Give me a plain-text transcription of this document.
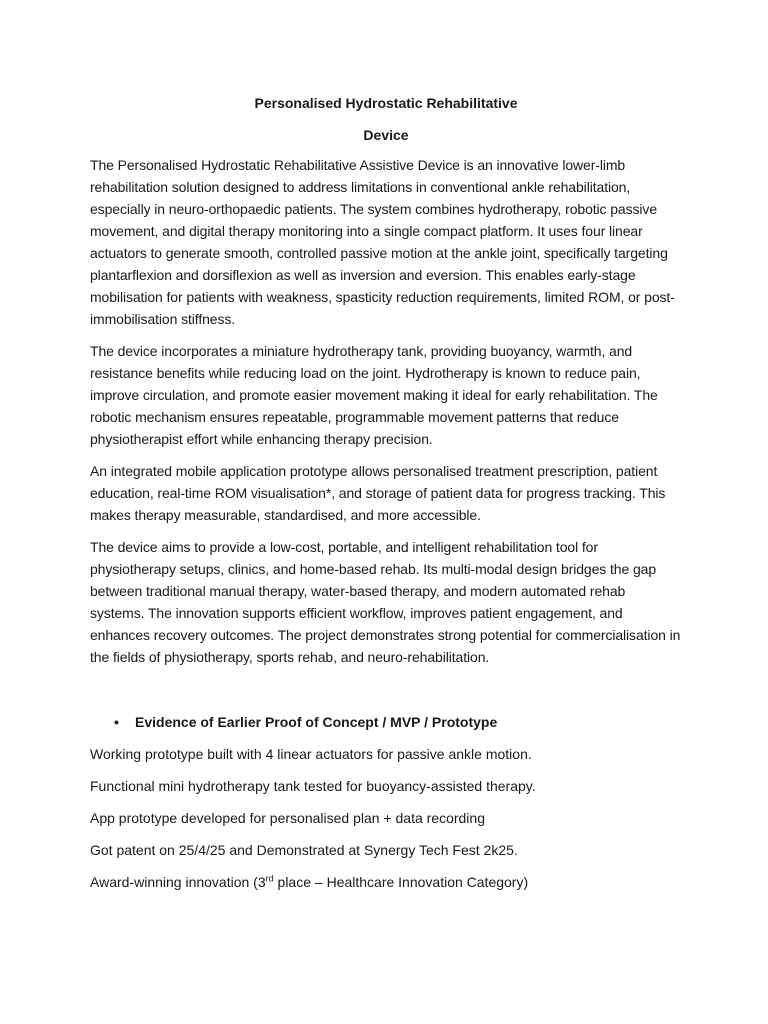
Personalised Hydrostatic Rehabilitative

Device

The Personalised Hydrostatic Rehabilitative Assistive Device is an innovative lower-limb rehabilitation solution designed to address limitations in conventional ankle rehabilitation, especially in neuro-orthopaedic patients. The system combines hydrotherapy, robotic passive movement, and digital therapy monitoring into a single compact platform. It uses four linear actuators to generate smooth, controlled passive motion at the ankle joint, specifically targeting plantarflexion and dorsiflexion as well as inversion and eversion. This enables early-stage mobilisation for patients with weakness, spasticity reduction requirements, limited ROM, or post-immobilisation stiffness.

The device incorporates a miniature hydrotherapy tank, providing buoyancy, warmth, and resistance benefits while reducing load on the joint. Hydrotherapy is known to reduce pain, improve circulation, and promote easier movement making it ideal for early rehabilitation. The robotic mechanism ensures repeatable, programmable movement patterns that reduce physiotherapist effort while enhancing therapy precision.

An integrated mobile application prototype allows personalised treatment prescription, patient education, real-time ROM visualisation*, and storage of patient data for progress tracking. This makes therapy measurable, standardised, and more accessible.

The device aims to provide a low-cost, portable, and intelligent rehabilitation tool for physiotherapy setups, clinics, and home-based rehab. Its multi-modal design bridges the gap between traditional manual therapy, water-based therapy, and modern automated rehab systems. The innovation supports efficient workflow, improves patient engagement, and enhances recovery outcomes. The project demonstrates strong potential for commercialisation in the fields of physiotherapy, sports rehab, and neuro-rehabilitation.

• Evidence of Earlier Proof of Concept / MVP / Prototype

Working prototype built with 4 linear actuators for passive ankle motion.

Functional mini hydrotherapy tank tested for buoyancy-assisted therapy.

App prototype developed for personalised plan + data recording

Got patent on 25/4/25 and Demonstrated at Synergy Tech Fest 2k25.

Award-winning innovation (3rd place – Healthcare Innovation Category)
